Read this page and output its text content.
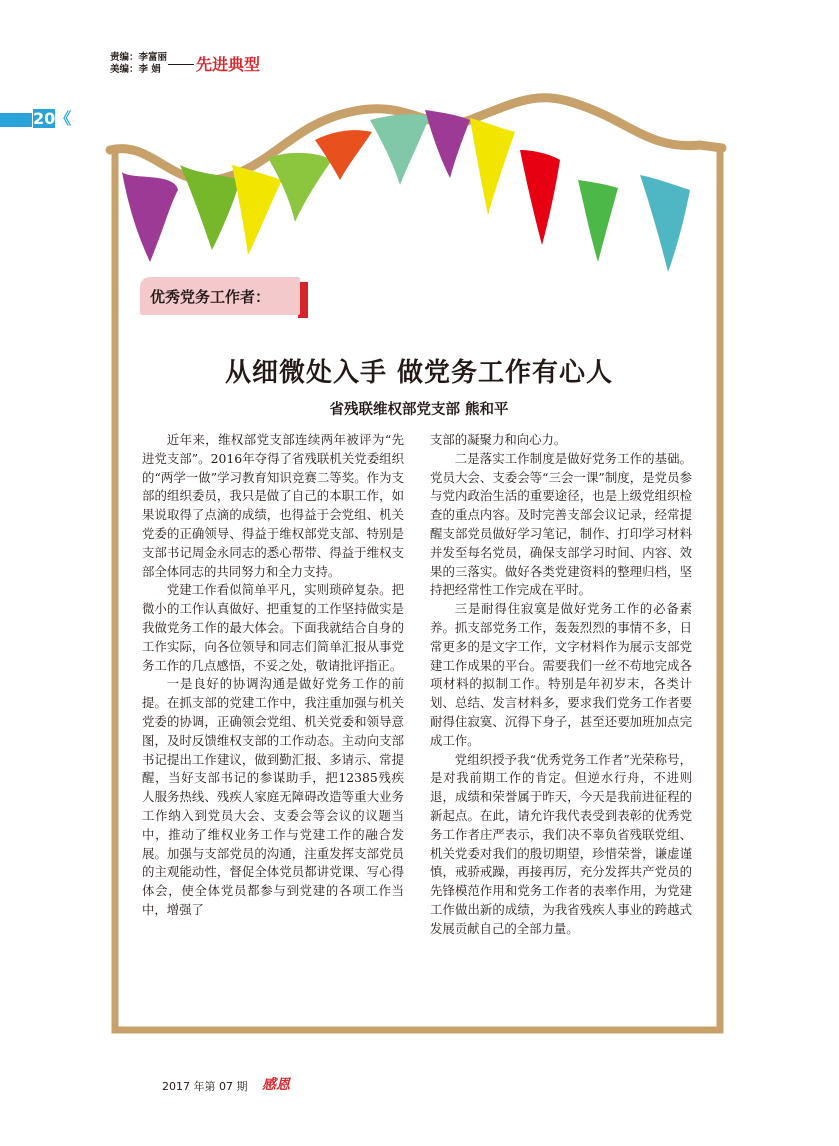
责编：李富丽
美编：李 娟	先进典型
20《
优秀党务工作者：
从细微处入手 做党务工作有心人
省残联维权部党支部 熊和平

近年来，维权部党支部连续两年被评为“先进党支部”。2016年夺得了省残联机关党委组织的“两学一做”学习教育知识竞赛二等奖。作为支部的组织委员，我只是做了自己的本职工作，如果说取得了点滴的成绩，也得益于会党组、机关党委的正确领导、得益于维权部党支部、特别是支部书记周金永同志的悉心帮带、得益于维权支部全体同志的共同努力和全力支持。

党建工作看似简单平凡，实则琐碎复杂。把微小的工作认真做好、把重复的工作坚持做实是我做党务工作的最大体会。下面我就结合自身的工作实际，向各位领导和同志们简单汇报从事党务工作的几点感悟，不妥之处，敬请批评指正。

一是良好的协调沟通是做好党务工作的前提。在抓支部的党建工作中，我注重加强与机关党委的协调，正确领会党组、机关党委和领导意图，及时反馈维权支部的工作动态。主动向支部书记提出工作建议，做到勤汇报、多请示、常提醒，当好支部书记的参谋助手，把12385残疾人服务热线、残疾人家庭无障碍改造等重大业务工作纳入到党员大会、支委会等会议的议题当中，推动了维权业务工作与党建工作的融合发展。加强与支部党员的沟通，注重发挥支部党员的主观能动性，督促全体党员都讲党课、写心得体会，使全体党员都参与到党建的各项工作当中，增强了

支部的凝聚力和向心力。

二是落实工作制度是做好党务工作的基础。党员大会、支委会等“三会一课”制度，是党员参与党内政治生活的重要途径，也是上级党组织检查的重点内容。及时完善支部会议记录，经常提醒支部党员做好学习笔记，制作、打印学习材料并发至每名党员，确保支部学习时间、内容、效果的三落实。做好各类党建资料的整理归档，坚持把经常性工作完成在平时。

三是耐得住寂寞是做好党务工作的必备素养。抓支部党务工作，轰轰烈烈的事情不多，日常更多的是文字工作，文字材料作为展示支部党建工作成果的平台。需要我们一丝不苟地完成各项材料的拟制工作。特别是年初岁末，各类计划、总结、发言材料多，要求我们党务工作者要耐得住寂寞、沉得下身子，甚至还要加班加点完成工作。

党组织授予我“优秀党务工作者”光荣称号，是对我前期工作的肯定。但逆水行舟，不进则退，成绩和荣誉属于昨天，今天是我前进征程的新起点。在此，请允许我代表受到表彰的优秀党务工作者庄严表示，我们决不辜负省残联党组、机关党委对我们的殷切期望，珍惜荣誉，谦虚谨慎，戒骄戒躁，再接再厉，充分发挥共产党员的先锋模范作用和党务工作者的表率作用，为党建工作做出新的成绩，为我省残疾人事业的跨越式发展贡献自己的全部力量。

2017 年第 07 期 感恩
